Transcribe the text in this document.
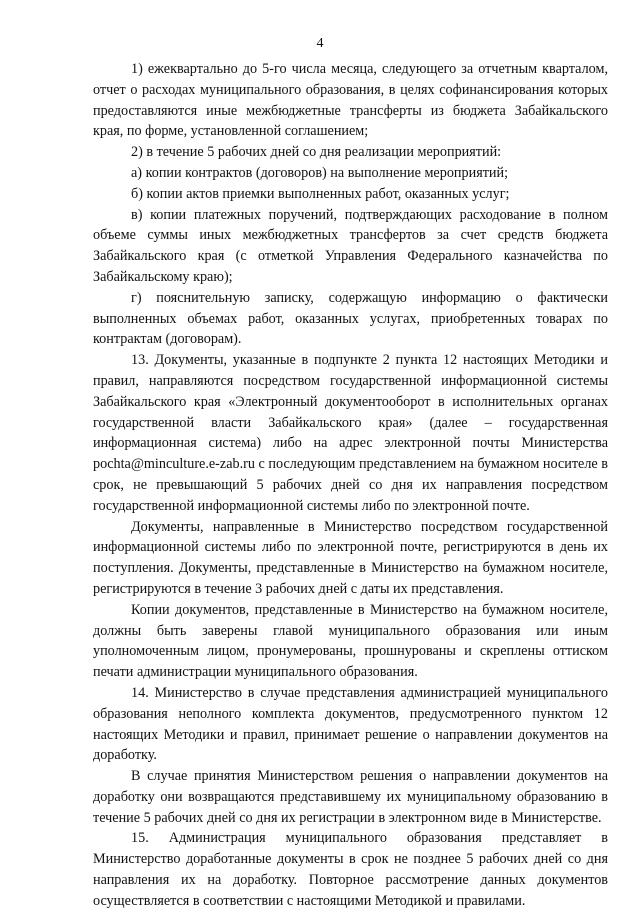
4

1) ежеквартально до 5-го числа месяца, следующего за отчетным кварталом, отчет о расходах муниципального образования, в целях софинансирования которых предоставляются иные межбюджетные трансферты из бюджета Забайкальского края, по форме, установленной соглашением;

2) в течение 5 рабочих дней со дня реализации мероприятий:

а) копии контрактов (договоров) на выполнение мероприятий;

б) копии актов приемки выполненных работ, оказанных услуг;

в) копии платежных поручений, подтверждающих расходование в полном объеме суммы иных межбюджетных трансфертов за счет средств бюджета Забайкальского края (с отметкой Управления Федерального казначейства по Забайкальскому краю);

г) пояснительную записку, содержащую информацию о фактически выполненных объемах работ, оказанных услугах, приобретенных товарах по контрактам (договорам).

13. Документы, указанные в подпункте 2 пункта 12 настоящих Методики и правил, направляются посредством государственной информационной системы Забайкальского края «Электронный документооборот в исполнительных органах государственной власти Забайкальского края» (далее – государственная информационная система) либо на адрес электронной почты Министерства pochta@minculture.e-zab.ru с последующим представлением на бумажном носителе в срок, не превышающий 5 рабочих дней со дня их направления посредством государственной информационной системы либо по электронной почте.

Документы, направленные в Министерство посредством государственной информационной системы либо по электронной почте, регистрируются в день их поступления. Документы, представленные в Министерство на бумажном носителе, регистрируются в течение 3 рабочих дней с даты их представления.

Копии документов, представленные в Министерство на бумажном носителе, должны быть заверены главой муниципального образования или иным уполномоченным лицом, пронумерованы, прошнурованы и скреплены оттиском печати администрации муниципального образования.

14. Министерство в случае представления администрацией муниципального образования неполного комплекта документов, предусмотренного пунктом 12 настоящих Методики и правил, принимает решение о направлении документов на доработку.

В случае принятия Министерством решения о направлении документов на доработку они возвращаются представившему их муниципальному образованию в течение 5 рабочих дней со дня их регистрации в электронном виде в Министерстве.

15. Администрация муниципального образования представляет в Министерство доработанные документы в срок не позднее 5 рабочих дней со дня направления их на доработку. Повторное рассмотрение данных документов осуществляется в соответствии с настоящими Методикой и правилами.
